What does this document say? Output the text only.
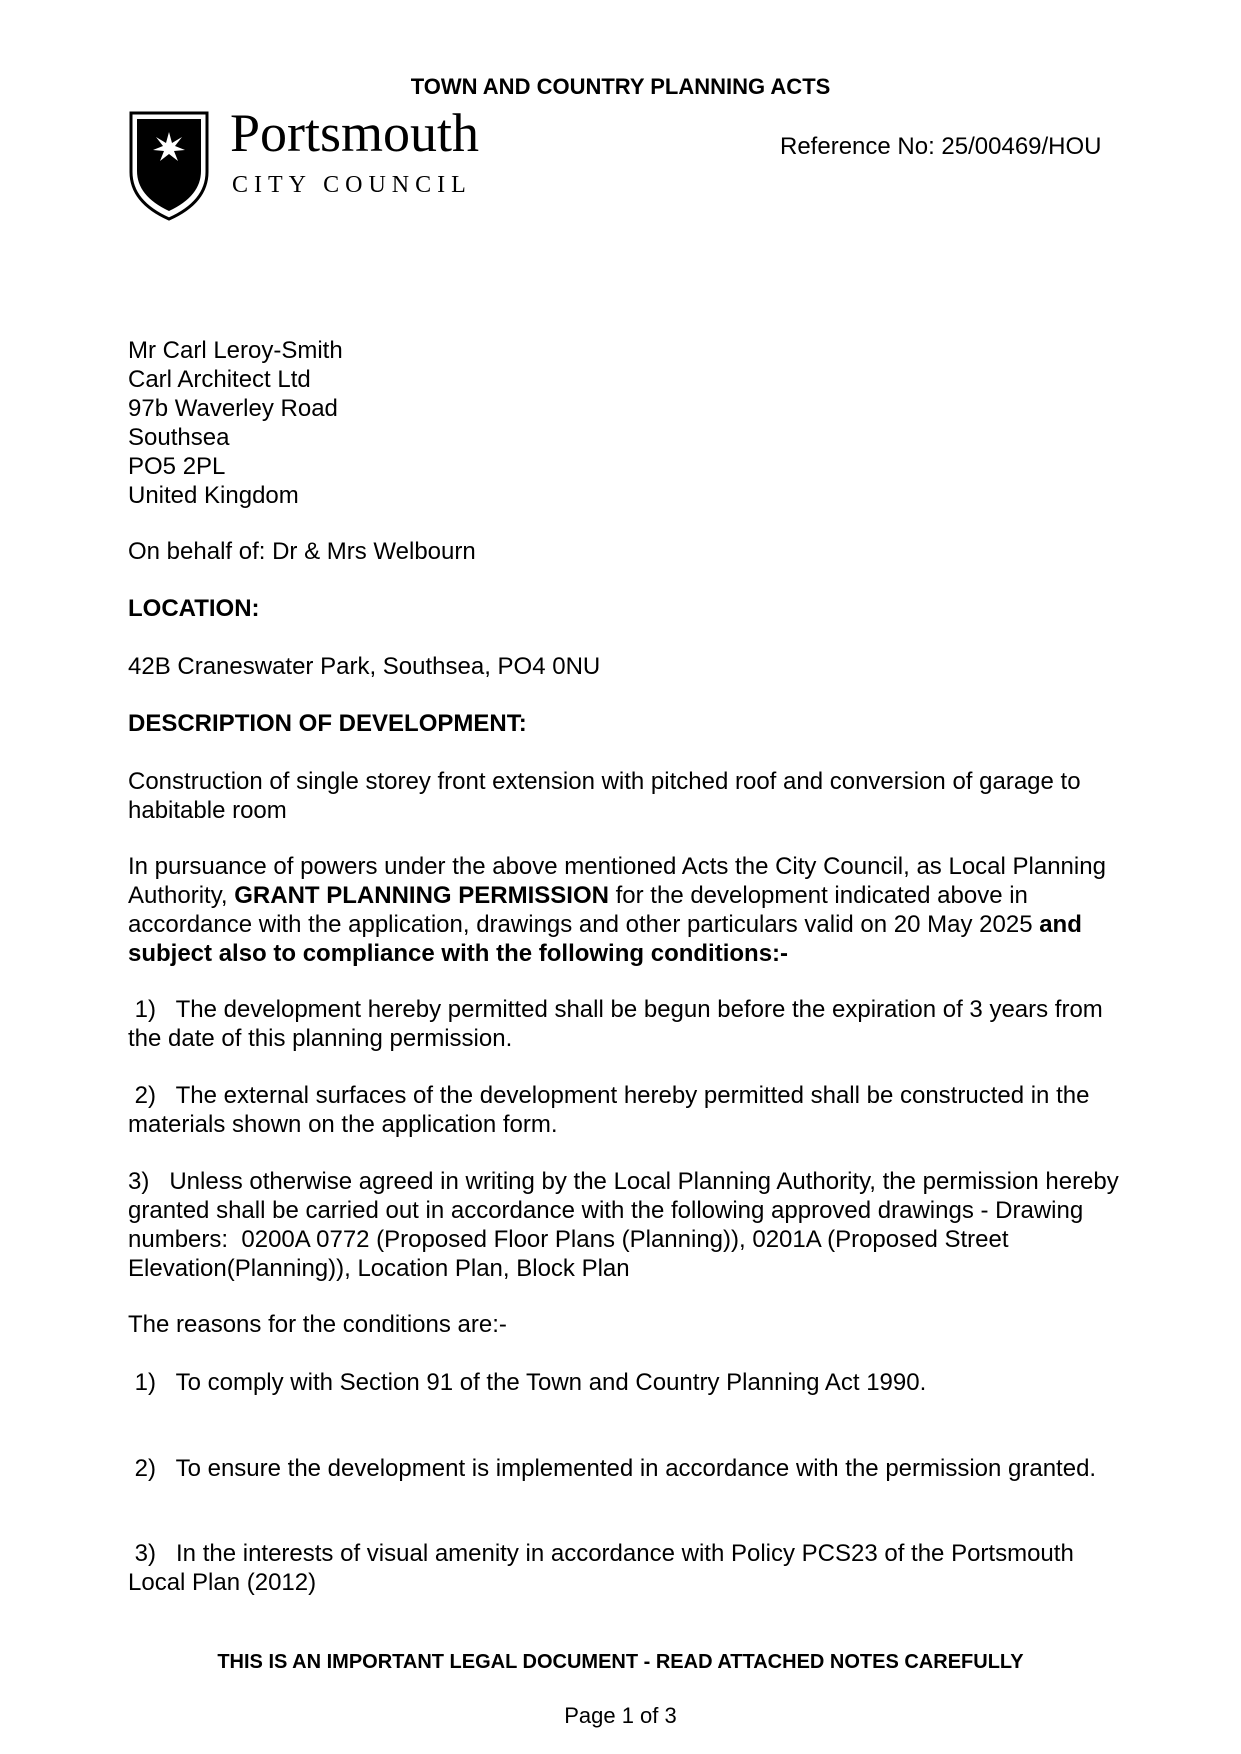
TOWN AND COUNTRY PLANNING ACTS
Portsmouth
CITY COUNCIL
Reference No: 25/00469/HOU
Mr Carl Leroy-Smith
Carl Architect Ltd
97b Waverley Road
Southsea
PO5 2PL
United Kingdom
On behalf of: Dr & Mrs Welbourn
LOCATION:
42B Craneswater Park, Southsea, PO4 0NU
DESCRIPTION OF DEVELOPMENT:
Construction of single storey front extension with pitched roof and conversion of garage to habitable room
In pursuance of powers under the above mentioned Acts the City Council, as Local Planning Authority, GRANT PLANNING PERMISSION for the development indicated above in accordance with the application, drawings and other particulars valid on 20 May 2025 and subject also to compliance with the following conditions:-
1)   The development hereby permitted shall be begun before the expiration of 3 years from the date of this planning permission.
2)   The external surfaces of the development hereby permitted shall be constructed in the materials shown on the application form.
3)   Unless otherwise agreed in writing by the Local Planning Authority, the permission hereby granted shall be carried out in accordance with the following approved drawings - Drawing numbers:  0200A 0772 (Proposed Floor Plans (Planning)), 0201A (Proposed Street Elevation(Planning)), Location Plan, Block Plan
The reasons for the conditions are:-
1)   To comply with Section 91 of the Town and Country Planning Act 1990.
2)   To ensure the development is implemented in accordance with the permission granted.
3)   In the interests of visual amenity in accordance with Policy PCS23 of the Portsmouth Local Plan (2012)
THIS IS AN IMPORTANT LEGAL DOCUMENT - READ ATTACHED NOTES CAREFULLY
Page 1 of 3
